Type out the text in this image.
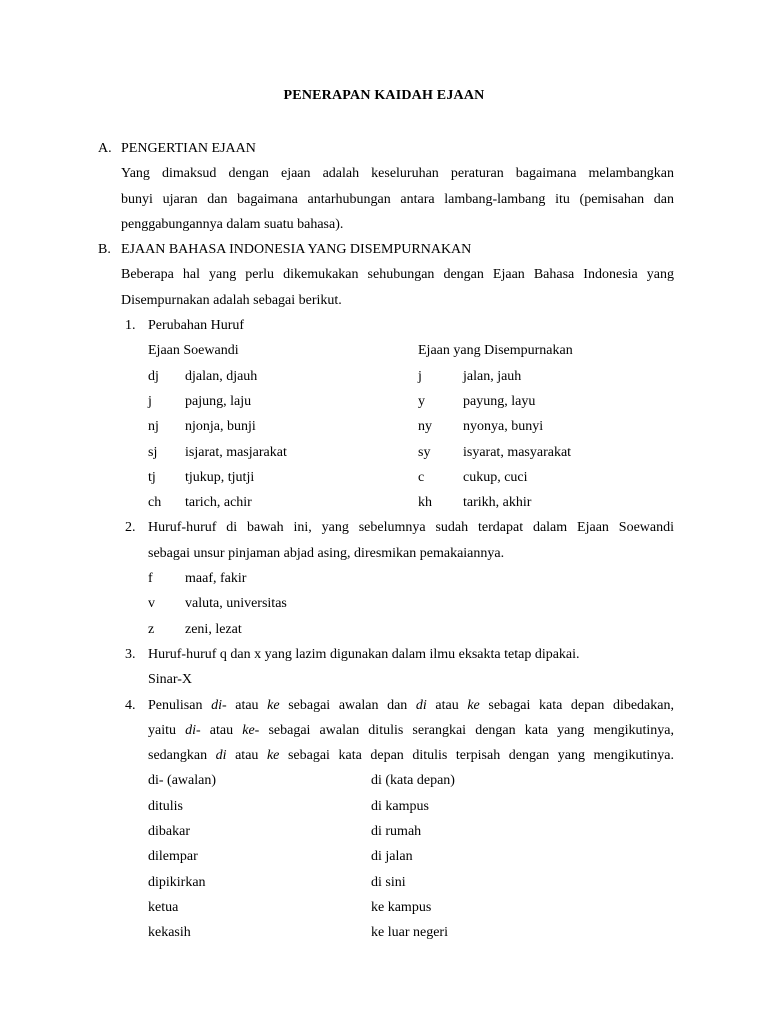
PENERAPAN KAIDAH EJAAN
A. PENGERTIAN EJAAN
Yang dimaksud dengan ejaan adalah keseluruhan peraturan bagaimana melambangkan
bunyi ujaran dan bagaimana antarhubungan antara lambang-lambang itu (pemisahan dan
penggabungannya dalam suatu bahasa).
B. EJAAN BAHASA INDONESIA YANG DISEMPURNAKAN
Beberapa hal yang perlu dikemukakan sehubungan dengan Ejaan Bahasa Indonesia yang
Disempurnakan adalah sebagai berikut.
1. Perubahan Huruf
Ejaan Soewandi	Ejaan yang Disempurnakan
dj djalan, djauh	j	jalan, jauh
j pajung, laju	y	payung, layu
nj njonja, bunji	ny nyonya, bunyi
sj isjarat, masjarakat	sy isyarat, masyarakat
tj tjukup, tjutji	c	cukup, cuci
ch tarich, achir	kh tarikh, akhir
2. Huruf-huruf di bawah ini, yang sebelumnya sudah terdapat dalam Ejaan Soewandi
sebagai unsur pinjaman abjad asing, diresmikan pemakaiannya.
f maaf, fakir
v valuta, universitas
z zeni, lezat
3. Huruf-huruf q dan x yang lazim digunakan dalam ilmu eksakta tetap dipakai.
Sinar-X
4. Penulisan di- atau ke sebagai awalan dan di atau ke sebagai kata depan dibedakan,
yaitu di- atau ke- sebagai awalan ditulis serangkai dengan kata yang mengikutinya,
sedangkan di atau ke sebagai kata depan ditulis terpisah dengan yang mengikutinya.
di- (awalan)	di (kata depan)
ditulis	di kampus
dibakar	di rumah
dilempar	di jalan
dipikirkan	di sini
ketua	ke kampus
kekasih	ke luar negeri
